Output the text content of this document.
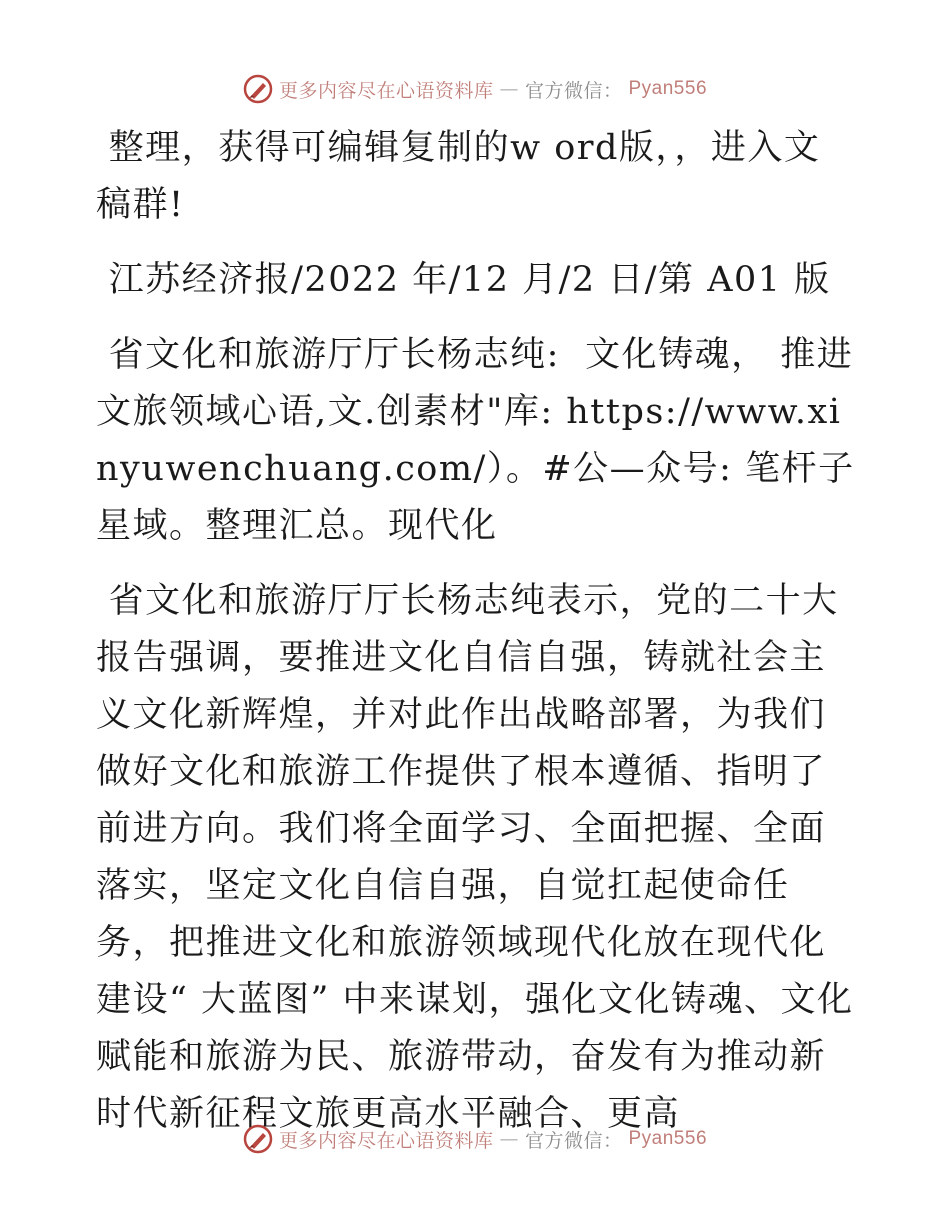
更多内容尽在心语资料库 — 官方微信： Pyan556

整理，获得可编辑复制的w ord版，，进入文稿群!

江苏经济报/2022 年/12 月/2 日/第 A01 版

省文化和旅游厅厅长杨志纯:  文化铸魂， 推进文旅领域心语,文.创素材"库: https://www.xinyuwenchuang.com/）。#公—众号: 笔杆子星域。整理汇总。现代化

省文化和旅游厅厅长杨志纯表示，党的二十大报告强调，要推进文化自信自强，铸就社会主义文化新辉煌，并对此作出战略部署，为我们做好文化和旅游工作提供了根本遵循、指明了前进方向。我们将全面学习、全面把握、全面落实，坚定文化自信自强，自觉扛起使命任务，把推进文化和旅游领域现代化放在现代化建设“ 大蓝图” 中来谋划，强化文化铸魂、文化赋能和旅游为民、旅游带动，奋发有为推动新时代新征程文旅更高水平融合、更高

更多内容尽在心语资料库 — 官方微信： Pyan556
